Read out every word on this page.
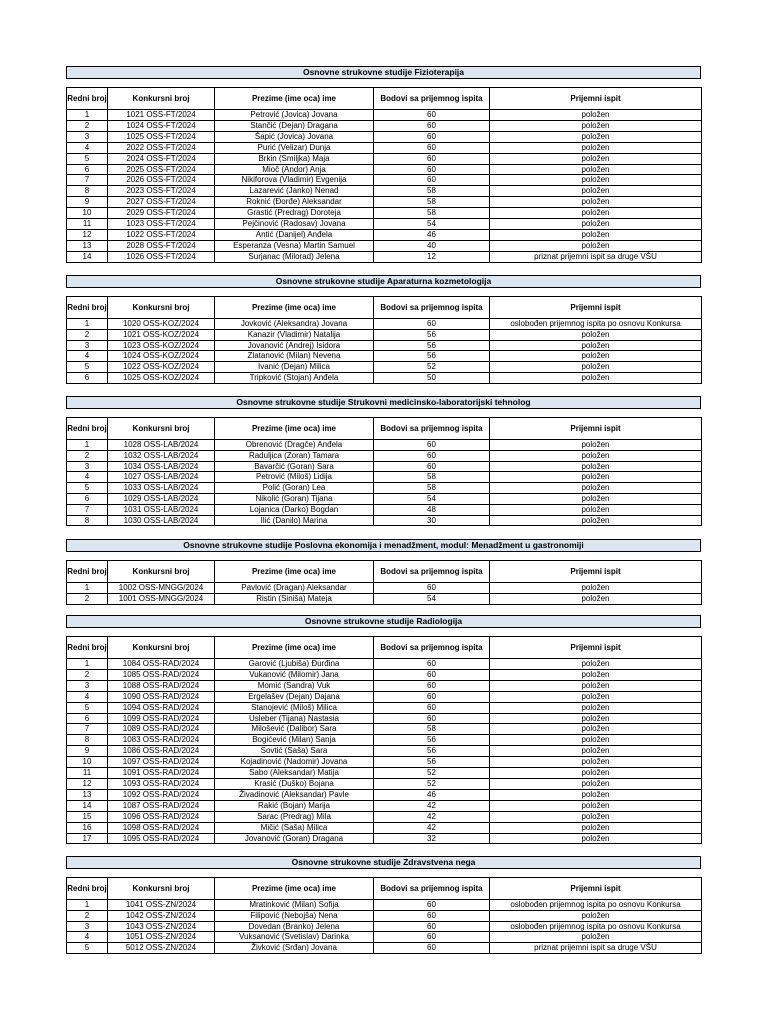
Osnovne strukovne studije Fizioterapija
Redni broj	Konkursni broj	Prezime (ime oca) ime	Bodovi sa prijemnog ispita	Prijemni ispit
1	1021 OSS-FT/2024	Petrović (Jovica) Jovana	60	položen
2	1024 OSS-FT/2024	Stančić (Dejan) Dragana	60	položen
3	1025 OSS-FT/2024	Šapić (Jovica) Jovana	60	položen
4	2022 OSS-FT/2024	Purić (Velizar) Dunja	60	položen
5	2024 OSS-FT/2024	Brkin (Smiljka) Maja	60	položen
6	2025 OSS-FT/2024	Mioč (Andor) Anja	60	položen
7	2026 OSS-FT/2024	Nikiforova (Vladimir) Evgenija	60	položen
8	2023 OSS-FT/2024	Lazarević (Janko) Nenad	58	položen
9	2027 OSS-FT/2024	Roknić (Đorđe) Aleksandar	58	položen
10	2029 OSS-FT/2024	Grastić (Predrag) Doroteja	58	položen
11	1023 OSS-FT/2024	Pejčinović (Radosav) Jovana	54	položen
12	1022 OSS-FT/2024	Antić (Danijel) Anđela	46	položen
13	2028 OSS-FT/2024	Esperanza (Vesna) Martin Samuel	40	položen
14	1026 OSS-FT/2024	Surjanac (Milorad) Jelena	12	priznat prijemni ispit sa druge VŠU
Osnovne strukovne studije Aparaturna kozmetologija
Redni broj	Konkursni broj	Prezime (ime oca) ime	Bodovi sa prijemnog ispita	Prijemni ispit
1	1020 OSS-KOZ/2024	Jovković (Aleksandra) Jovana	60	oslobođen prijemnog ispita po osnovu Konkursa
2	1021 OSS-KOZ/2024	Kanazir (Vladimir) Natalija	56	položen
3	1023 OSS-KOZ/2024	Jovanović (Andrej) Isidora	56	položen
4	1024 OSS-KOZ/2024	Zlatanović (Milan) Nevena	56	položen
5	1022 OSS-KOZ/2024	Ivanić (Dejan) Milica	52	položen
6	1025 OSS-KOZ/2024	Tripković (Stojan) Anđela	50	položen
Osnovne strukovne studije Strukovni medicinsko-laboratorijski tehnolog
Redni broj	Konkursni broj	Prezime (ime oca) ime	Bodovi sa prijemnog ispita	Prijemni ispit
1	1028 OSS-LAB/2024	Obrenović (Dragče) Anđela	60	položen
2	1032 OSS-LAB/2024	Raduljica (Zoran) Tamara	60	položen
3	1034 OSS-LAB/2024	Bavarčić (Goran) Sara	60	položen
4	1027 OSS-LAB/2024	Petrović (Miloš) Lidija	58	položen
5	1033 OSS-LAB/2024	Polić (Goran) Lea	58	položen
6	1029 OSS-LAB/2024	Nikolić (Goran) Tijana	54	položen
7	1031 OSS-LAB/2024	Lojanica (Darko) Bogdan	48	položen
8	1030 OSS-LAB/2024	Ilić (Danilo) Marina	30	položen
Osnovne strukovne studije Poslovna ekonomija i menadžment, modul: Menadžment u gastronomiji
Redni broj	Konkursni broj	Prezime (ime oca) ime	Bodovi sa prijemnog ispita	Prijemni ispit
1	1002 OSS-MNGG/2024	Pavlović (Dragan) Aleksandar	60	položen
2	1001 OSS-MNGG/2024	Ristin (Siniša) Mateja	54	položen
Osnovne strukovne studije Radiologija
Redni broj	Konkursni broj	Prezime (ime oca) ime	Bodovi sa prijemnog ispita	Prijemni ispit
1	1084 OSS-RAD/2024	Garović (Ljubiša) Đurđina	60	položen
2	1085 OSS-RAD/2024	Vukanović (Milomir) Jana	60	položen
3	1088 OSS-RAD/2024	Momić (Sandra) Vuk	60	položen
4	1090 OSS-RAD/2024	Ergelašev (Dejan) Dajana	60	položen
5	1094 OSS-RAD/2024	Stanojević (Miloš) Milica	60	položen
6	1099 OSS-RAD/2024	Usleber (Tijana) Nastasia	60	položen
7	1089 OSS-RAD/2024	Milošević (Dalibor) Sara	58	položen
8	1083 OSS-RAD/2024	Bogićević (Milan) Sanja	56	položen
9	1086 OSS-RAD/2024	Sovtić (Saša) Sara	56	položen
10	1097 OSS-RAD/2024	Kojadinović (Nadomir) Jovana	56	položen
11	1091 OSS-RAD/2024	Sabo (Aleksandar) Matija	52	položen
12	1093 OSS-RAD/2024	Krasić (Duško) Bojana	52	položen
13	1092 OSS-RAD/2024	Živadinović (Aleksandar) Pavle	46	položen
14	1087 OSS-RAD/2024	Rakić (Bojan) Marija	42	položen
15	1096 OSS-RAD/2024	Sarac (Predrag) Mila	42	položen
16	1098 OSS-RAD/2024	Mičić (Saša) Milica	42	položen
17	1095 OSS-RAD/2024	Jovanović (Goran) Dragana	32	položen
Osnovne strukovne studije Zdravstvena nega
Redni broj	Konkursni broj	Prezime (ime oca) ime	Bodovi sa prijemnog ispita	Prijemni ispit
1	1041 OSS-ZN/2024	Mratinković (Milan) Sofija	60	oslobođen prijemnog ispita po osnovu Konkursa
2	1042 OSS-ZN/2024	Filipović (Nebojša) Nena	60	položen
3	1043 OSS-ZN/2024	Dovedan (Branko) Jelena	60	oslobođen prijemnog ispita po osnovu Konkursa
4	1051 OSS-ZN/2024	Vuksanović (Svetislav) Darinka	60	položen
5	5012 OSS-ZN/2024	Živković (Srđan) Jovana	60	priznat prijemni ispit sa druge VŠU
